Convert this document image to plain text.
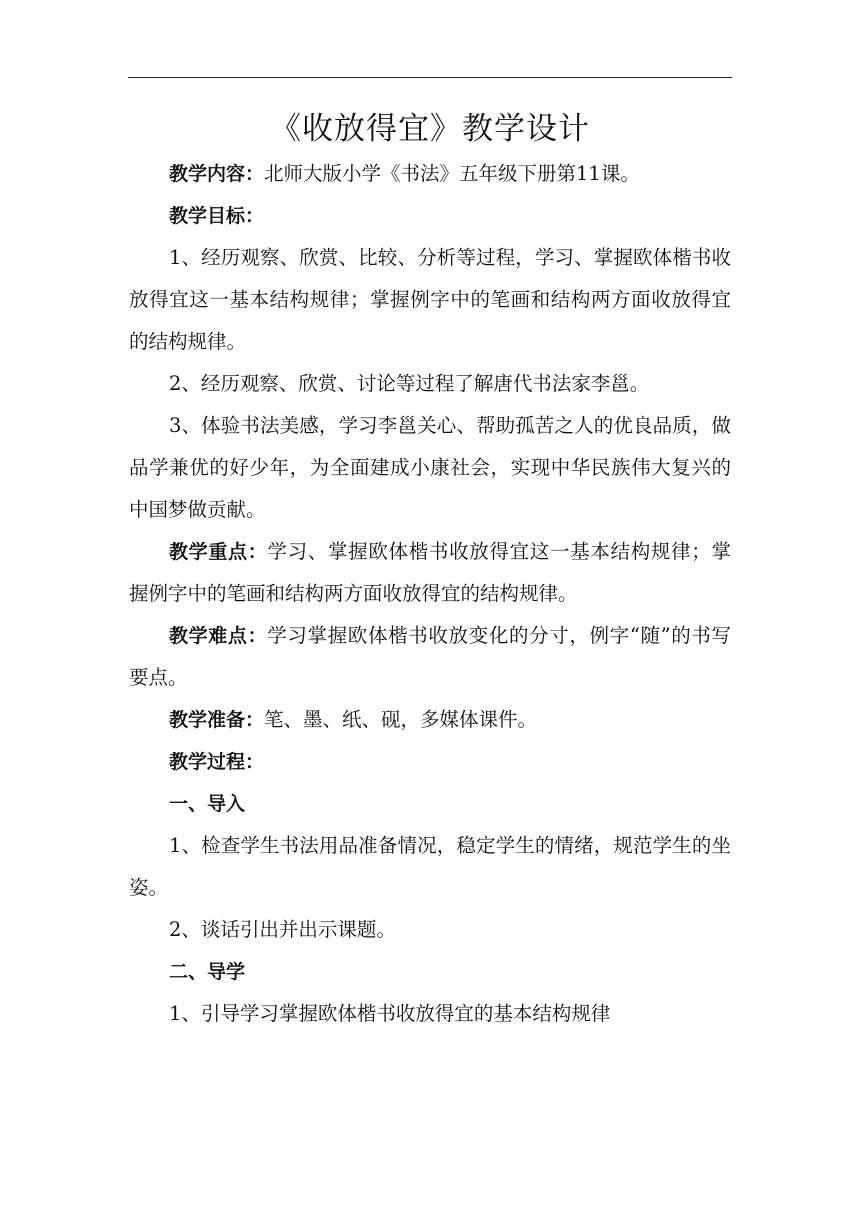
《收放得宜》教学设计

教学内容：北师大版小学《书法》五年级下册第11课。

教学目标：

1、经历观察、欣赏、比较、分析等过程，学习、掌握欧体楷书收放得宜这一基本结构规律；掌握例字中的笔画和结构两方面收放得宜的结构规律。

2、经历观察、欣赏、讨论等过程了解唐代书法家李邕。

3、体验书法美感，学习李邕关心、帮助孤苦之人的优良品质，做品学兼优的好少年，为全面建成小康社会，实现中华民族伟大复兴的中国梦做贡献。

教学重点：学习、掌握欧体楷书收放得宜这一基本结构规律；掌握例字中的笔画和结构两方面收放得宜的结构规律。

教学难点：学习掌握欧体楷书收放变化的分寸，例字“随”的书写要点。

教学准备：笔、墨、纸、砚，多媒体课件。

教学过程：

一、导入

1、检查学生书法用品准备情况，稳定学生的情绪，规范学生的坐姿。

2、谈话引出并出示课题。

二、导学

1、引导学习掌握欧体楷书收放得宜的基本结构规律
